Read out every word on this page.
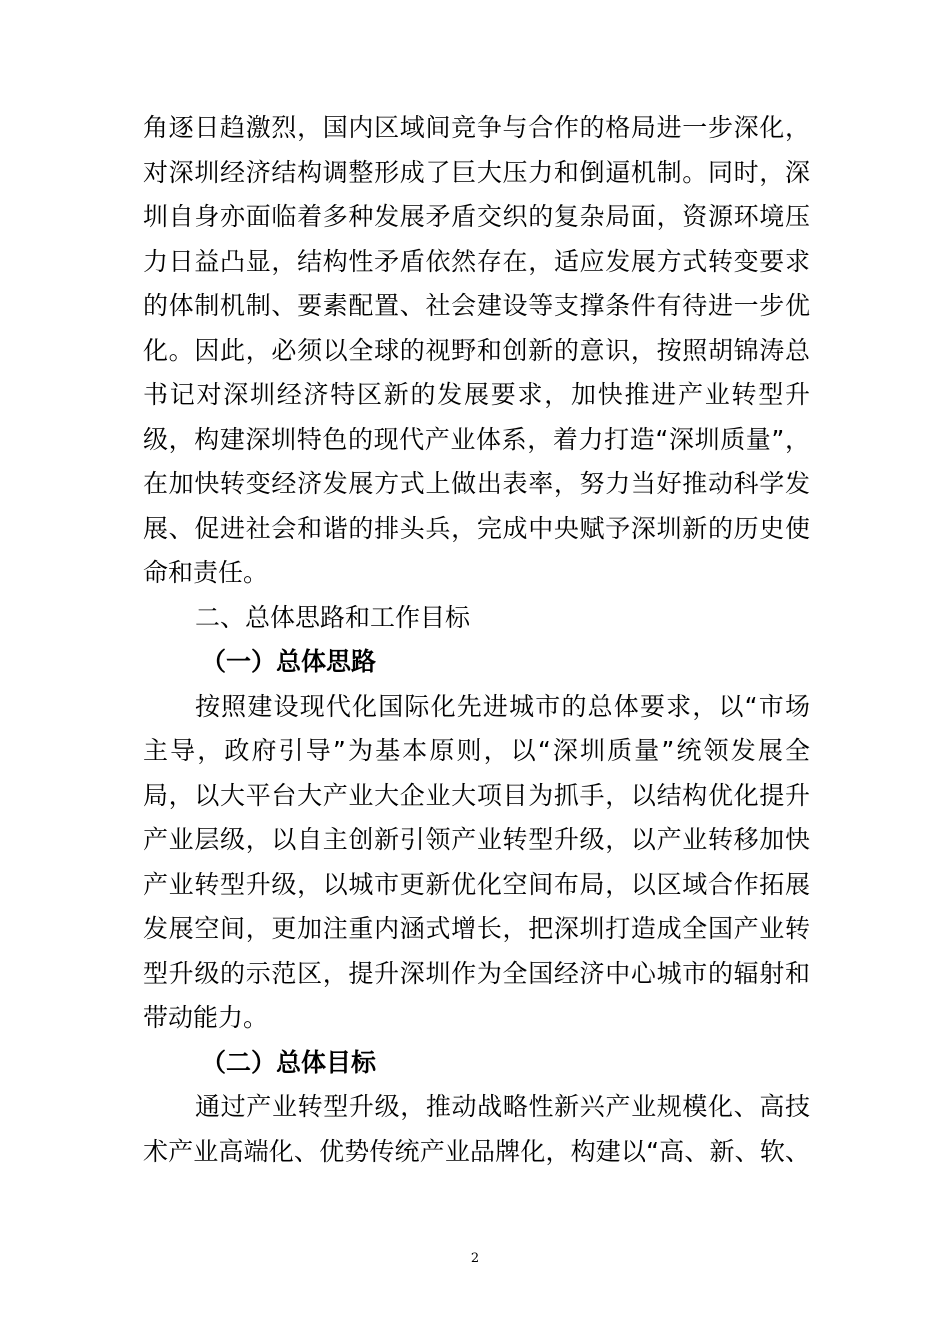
角逐日趋激烈，国内区域间竞争与合作的格局进一步深化，
对深圳经济结构调整形成了巨大压力和倒逼机制。同时，深
圳自身亦面临着多种发展矛盾交织的复杂局面，资源环境压
力日益凸显，结构性矛盾依然存在，适应发展方式转变要求
的体制机制、要素配置、社会建设等支撑条件有待进一步优
化。因此，必须以全球的视野和创新的意识，按照胡锦涛总
书记对深圳经济特区新的发展要求，加快推进产业转型升
级，构建深圳特色的现代产业体系，着力打造“深圳质量”，
在加快转变经济发展方式上做出表率，努力当好推动科学发
展、促进社会和谐的排头兵，完成中央赋予深圳新的历史使
命和责任。
二、总体思路和工作目标
（一）总体思路
按照建设现代化国际化先进城市的总体要求，以“市场
主导，政府引导”为基本原则，以“深圳质量”统领发展全
局，以大平台大产业大企业大项目为抓手，以结构优化提升
产业层级，以自主创新引领产业转型升级，以产业转移加快
产业转型升级，以城市更新优化空间布局，以区域合作拓展
发展空间，更加注重内涵式增长，把深圳打造成全国产业转
型升级的示范区，提升深圳作为全国经济中心城市的辐射和
带动能力。
（二）总体目标
通过产业转型升级，推动战略性新兴产业规模化、高技
术产业高端化、优势传统产业品牌化，构建以“高、新、软、
2
